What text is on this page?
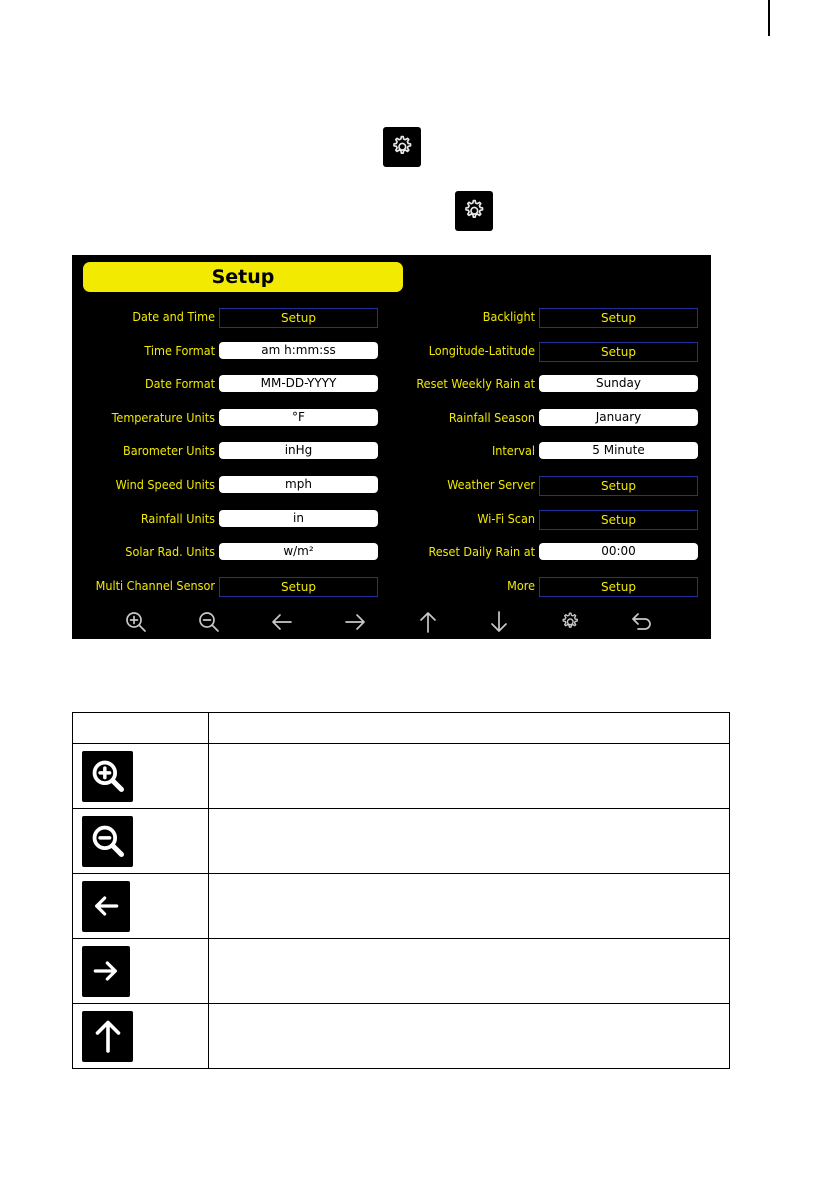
Setup
Date and Time	Setup
Time Format	am h:mm:ss
Date Format	MM-DD-YYYY
Temperature Units	°F
Barometer Units	inHg
Wind Speed Units	mph
Rainfall Units	in
Solar Rad. Units	w/m²
Multi Channel Sensor	Setup
Backlight	Setup
Longitude-Latitude	Setup
Reset Weekly Rain at	Sunday
Rainfall Season	January
Interval	5 Minute
Weather Server	Setup
Wi-Fi Scan	Setup
Reset Daily Rain at	00:00
More	Setup
